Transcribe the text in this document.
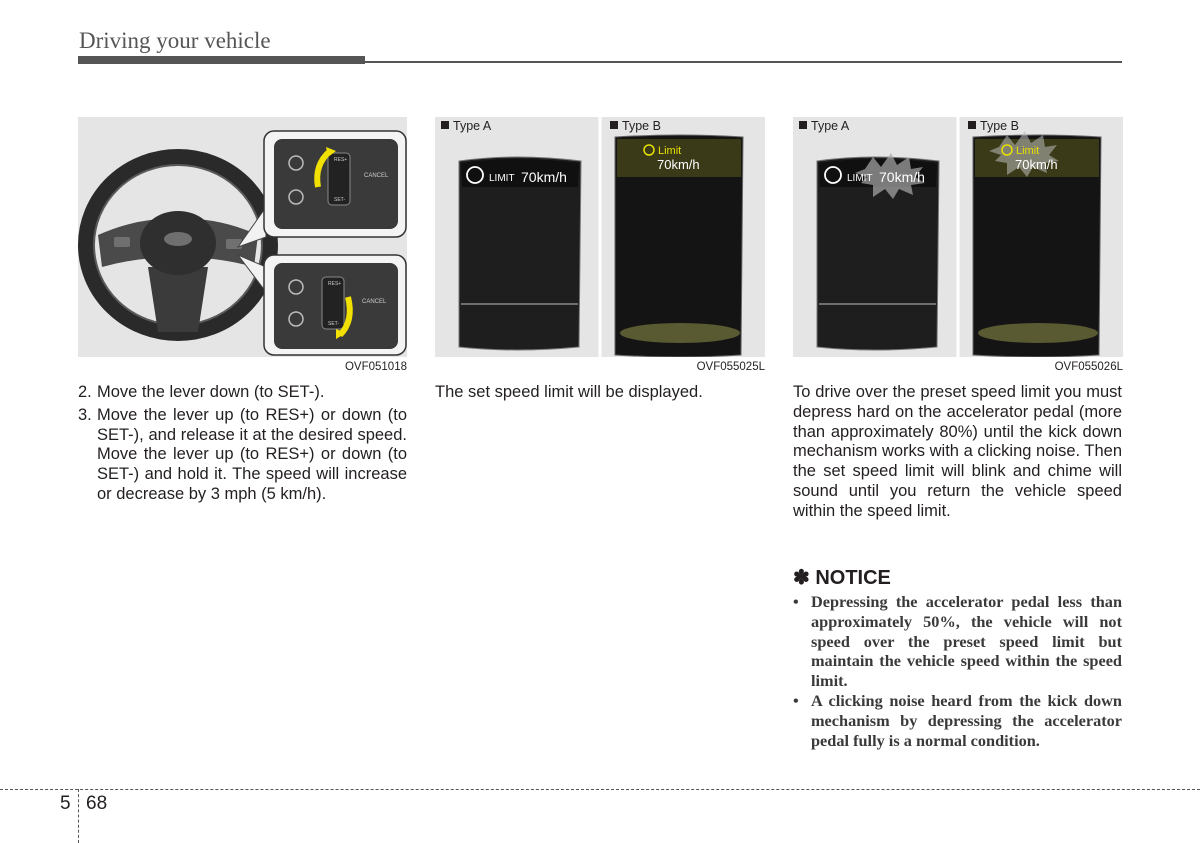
Driving your vehicle
CANCEL
RES+
SET-
CANCEL
RES+
SET-
OVF051018
Type A	Type B
LIMIT 70km/h
Limit
70km/h
OVF055025L
Type A	Type B
LIMIT 70km/h
Limit
70km/h
OVF055026L
2. Move the lever down (to SET-).
3. Move the lever up (to RES+) or down (to SET-), and release it at the desired speed. Move the lever up (to RES+) or down (to SET-) and hold it. The speed will increase or decrease by 3 mph (5 km/h).
The set speed limit will be displayed.	To drive over the preset speed limit you must depress hard on the accelerator pedal (more than approximately 80%) until the kick down mechanism works with a clicking noise. Then the set speed limit will blink and chime will sound until you return the vehicle speed within the speed limit.
✽ NOTICE
• Depressing the accelerator pedal less than approximately 50%, the vehicle will not speed over the preset speed limit but maintain the vehicle speed within the speed limit.
• A clicking noise heard from the kick down mechanism by depressing the accelerator pedal fully is a normal condition.
5 68
